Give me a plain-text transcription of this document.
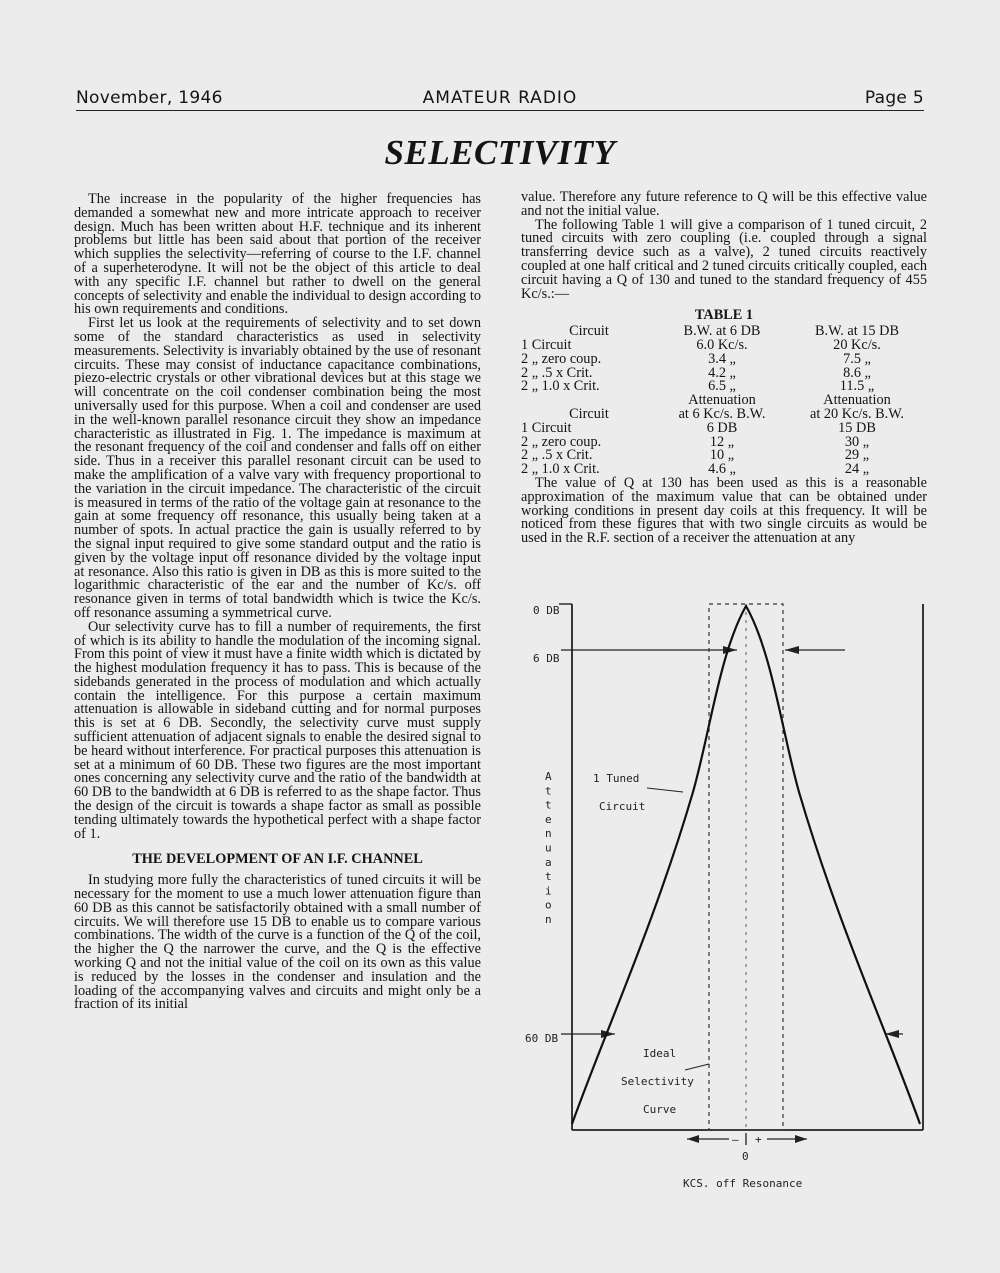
November, 1946	AMATEUR RADIO	Page 5
SELECTIVITY

The increase in the popularity of the higher frequencies has demanded a somewhat new and more intricate approach to receiver design. Much has been written about H.F. technique and its inherent problems but little has been said about that portion of the receiver which supplies the selectivity—referring of course to the I.F. channel of a superheterodyne. It will not be the object of this article to deal with any specific I.F. channel but rather to dwell on the general concepts of selectivity and enable the individual to design according to his own requirements and conditions.

First let us look at the requirements of selectivity and to set down some of the standard characteristics as used in selectivity measurements. Selectivity is invariably obtained by the use of resonant circuits. These may consist of inductance capacitance combinations, piezo-electric crystals or other vibrational devices but at this stage we will concentrate on the coil condenser combination being the most universally used for this purpose. When a coil and condenser are used in the well-known parallel resonance circuit they show an impedance characteristic as illustrated in Fig. 1. The impedance is maximum at the resonant frequency of the coil and condenser and falls off on either side. Thus in a receiver this parallel resonant circuit can be used to make the amplification of a valve vary with frequency proportional to the variation in the circuit impedance. The characteristic of the circuit is measured in terms of the ratio of the voltage gain at resonance to the gain at some frequency off resonance, this usually being taken at a number of spots. In actual practice the gain is usually referred to by the signal input required to give some standard output and the ratio is given by the voltage input off resonance divided by the voltage input at resonance. Also this ratio is given in DB as this is more suited to the logarithmic characteristic of the ear and the number of Kc/s. off resonance given in terms of total bandwidth which is twice the Kc/s. off resonance assuming a symmetrical curve.

Our selectivity curve has to fill a number of requirements, the first of which is its ability to handle the modulation of the incoming signal. From this point of view it must have a finite width which is dictated by the highest modulation frequency it has to pass. This is because of the sidebands generated in the process of modulation and which actually contain the intelligence. For this purpose a certain maximum attenuation is allowable in sideband cutting and for normal purposes this is set at 6 DB. Secondly, the selectivity curve must supply sufficient attenuation of adjacent signals to enable the desired signal to be heard without interference. For practical purposes this attenuation is set at a minimum of 60 DB. These two figures are the most important ones concerning any selectivity curve and the ratio of the bandwidth at 60 DB to the bandwidth at 6 DB is referred to as the shape factor. Thus the design of the circuit is towards a shape factor as small as possible tending ultimately towards the hypothetical perfect with a shape factor of 1.

THE DEVELOPMENT OF AN I.F. CHANNEL

In studying more fully the characteristics of tuned circuits it will be necessary for the moment to use a much lower attenuation figure than 60 DB as this cannot be satisfactorily obtained with a small number of circuits. We will therefore use 15 DB to enable us to compare various combinations. The width of the curve is a function of the Q of the coil, the higher the Q the narrower the curve, and the Q is the effective working Q and not the initial value of the coil on its own as this value is reduced by the losses in the condenser and insulation and the loading of the accompanying valves and circuits and might only be a fraction of its initial

value. Therefore any future reference to Q will be this effective value and not the initial value.

The following Table 1 will give a comparison of 1 tuned circuit, 2 tuned circuits with zero coupling (i.e. coupled through a signal transferring device such as a valve), 2 tuned circuits reactively coupled at one half critical and 2 tuned circuits critically coupled, each circuit having a Q of 130 and tuned to the standard frequency of 455 Kc/s.:—

TABLE 1
Circuit	B.W. at 6 DB	B.W. at 15 DB
1 Circuit	6.0 Kc/s.	20 Kc/s.
2 „ zero coup.	3.4 „	7.5 „
2 „ .5 x Crit.	4.2 „	8.6 „
2 „ 1.0 x Crit.	6.5 „	11.5 „
	Attenuation	Attenuation
Circuit	at 6 Kc/s. B.W.	at 20 Kc/s. B.W.
1 Circuit	6 DB	15 DB
2 „ zero coup.	12 „	30 „
2 „ .5 x Crit.	10 „	29 „
2 „ 1.0 x Crit.	4.6 „	24 „

The value of Q at 130 has been used as this is a reasonable approximation of the maximum value that can be obtained under working conditions in present day coils at this frequency. It will be noticed from these figures that with two single circuits as would be used in the R.F. section of a receiver the attenuation at any

0 DB
6 DB
60 DB
A
t
t
e
n
u
a
t
i
o
n
1 Tuned
Circuit
Ideal
Selectivity
Curve
— +
0
KCS. off Resonance
